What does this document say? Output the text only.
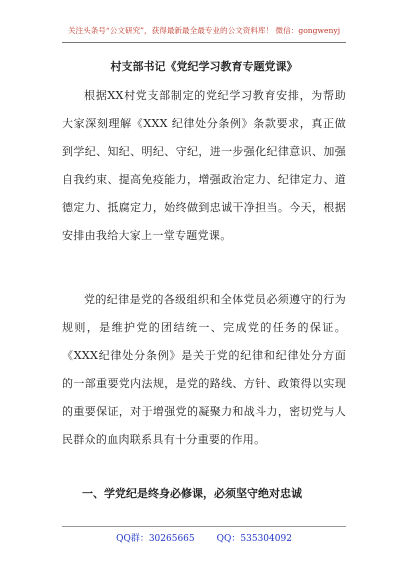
关注头条号“公文研究”，获得最新最全最专业的公文资料库！ 微信：gongwenyj
村支部书记《党纪学习教育专题党课》

根据XX村党支部制定的党纪学习教育安排，为帮助大家深刻理解《XXX 纪律处分条例》条款要求，真正做到学纪、知纪、明纪、守纪，进一步强化纪律意识、加强自我约束、提高免疫能力，增强政治定力、纪律定力、道德定力、抵腐定力，始终做到忠诚干净担当。今天，根据安排由我给大家上一堂专题党课。

党的纪律是党的各级组织和全体党员必须遵守的行为规则，是维护党的团结统一、完成党的任务的保证。《XXX纪律处分条例》是关于党的纪律和纪律处分方面的一部重要党内法规，是党的路线、方针、政策得以实现的重要保证，对于增强党的凝聚力和战斗力，密切党与人民群众的血肉联系具有十分重要的作用。

一、学党纪是终身必修课，必须坚守绝对忠诚
QQ群：30265665 QQ：535304092
